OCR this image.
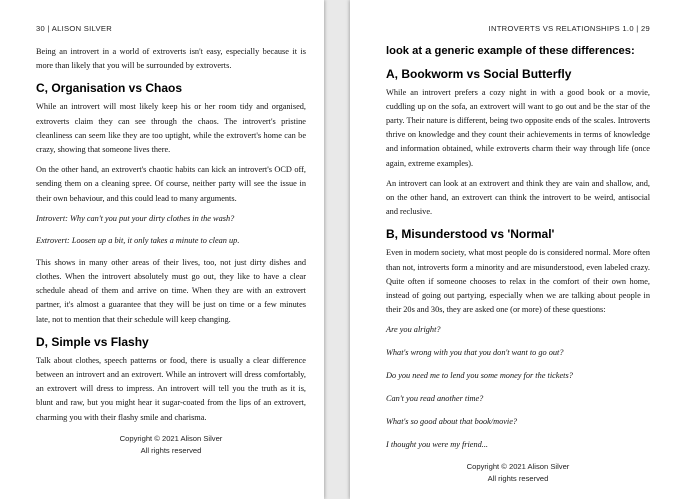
30 | ALISON SILVER

Being an introvert in a world of extroverts isn't easy, especially because it is more than likely that you will be surrounded by extroverts.

C, Organisation vs Chaos

While an introvert will most likely keep his or her room tidy and organised, extroverts claim they can see through the chaos. The introvert's pristine cleanliness can seem like they are too uptight, while the extrovert's home can be crazy, showing that someone lives there.

On the other hand, an extrovert's chaotic habits can kick an introvert's OCD off, sending them on a cleaning spree. Of course, neither party will see the issue in their own behaviour, and this could lead to many arguments.

Introvert: Why can't you put your dirty clothes in the wash?

Extrovert: Loosen up a bit, it only takes a minute to clean up.

This shows in many other areas of their lives, too, not just dirty dishes and clothes. When the introvert absolutely must go out, they like to have a clear schedule ahead of them and arrive on time. When they are with an extrovert partner, it's almost a guarantee that they will be just on time or a few minutes late, not to mention that their schedule will keep changing.

D, Simple vs Flashy

Talk about clothes, speech patterns or food, there is usually a clear difference between an introvert and an extrovert. While an introvert will dress comfortably, an extrovert will dress to impress. An introvert will tell you the truth as it is, blunt and raw, but you might hear it sugar-coated from the lips of an extrovert, charming you with their flashy smile and charisma.

Copyright © 2021 Alison Silver
All rights reserved
INTROVERTS VS RELATIONSHIPS 1.0 | 29
look at a generic example of these differences:
A, Bookworm vs Social Butterfly

While an introvert prefers a cozy night in with a good book or a movie, cuddling up on the sofa, an extrovert will want to go out and be the star of the party. Their nature is different, being two opposite ends of the scales. Introverts thrive on knowledge and they count their achievements in terms of knowledge and information obtained, while extroverts charm their way through life (once again, extreme examples).

An introvert can look at an extrovert and think they are vain and shallow, and, on the other hand, an extrovert can think the introvert to be weird, antisocial and reclusive.

B, Misunderstood vs 'Normal'

Even in modern society, what most people do is considered normal. More often than not, introverts form a minority and are misunderstood, even labeled crazy. Quite often if someone chooses to relax in the comfort of their own home, instead of going out partying, especially when we are talking about people in their 20s and 30s, they are asked one (or more) of these questions:

Are you alright?

What's wrong with you that you don't want to go out?

Do you need me to lend you some money for the tickets?

Can't you read another time?

What's so good about that book/movie?

I thought you were my friend...

Copyright © 2021 Alison Silver
All rights reserved
